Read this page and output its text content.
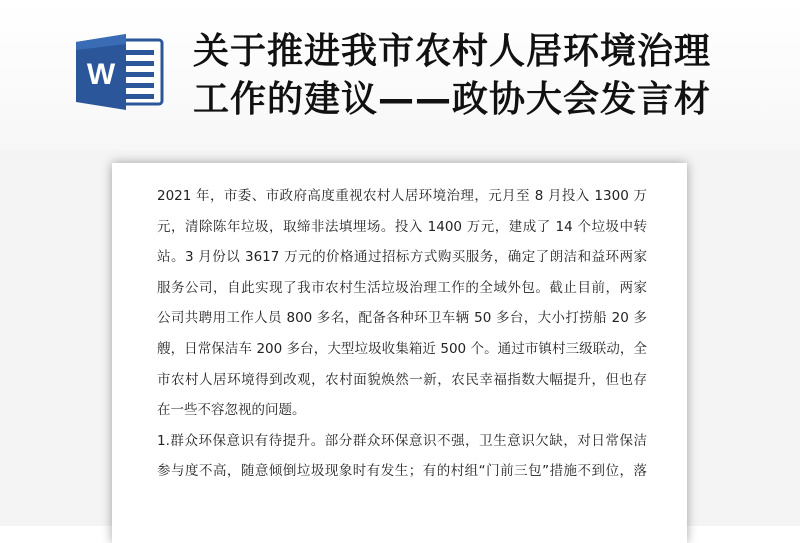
W
关于推进我市农村人居环境治理
工作的建议——政协大会发言材
2021 年，市委、市政府高度重视农村人居环境治理，元月至 8 月投入 1300 万
元，清除陈年垃圾，取缔非法填埋场。投入 1400 万元，建成了 14 个垃圾中转
站。3 月份以 3617 万元的价格通过招标方式购买服务，确定了朗洁和益环两家
服务公司，自此实现了我市农村生活垃圾治理工作的全域外包。截止目前，两家
公司共聘用工作人员 800 多名，配备各种环卫车辆 50 多台，大小打捞船 20 多
艘，日常保洁车 200 多台，大型垃圾收集箱近 500 个。通过市镇村三级联动，全
市农村人居环境得到改观，农村面貌焕然一新，农民幸福指数大幅提升，但也存
在一些不容忽视的问题。
1.群众环保意识有待提升。部分群众环保意识不强，卫生意识欠缺，对日常保洁
参与度不高，随意倾倒垃圾现象时有发生；有的村组“门前三包”措施不到位，落
